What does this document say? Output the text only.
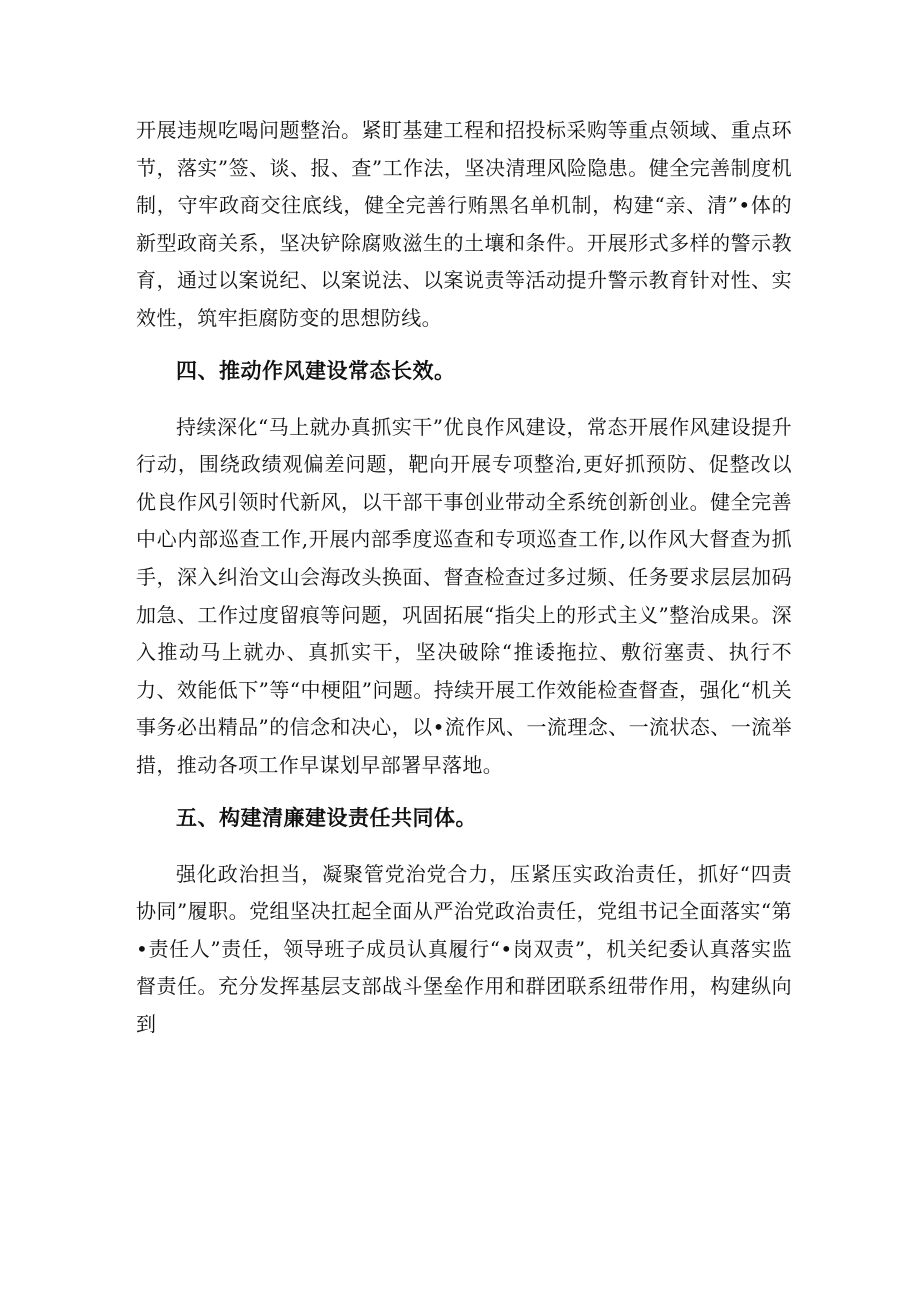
开展违规吃喝问题整治。紧盯基建工程和招投标采购等重点领域、重点环节，落实”签、谈、报、查”工作法，坚决清理风险隐患。健全完善制度机制，守牢政商交往底线，健全完善行贿黑名单机制，构建“亲、清”•体的新型政商关系，坚决铲除腐败滋生的土壤和条件。开展形式多样的警示教育，通过以案说纪、以案说法、以案说责等活动提升警示教育针对性、实效性，筑牢拒腐防变的思想防线。

四、推动作风建设常态长效。

持续深化“马上就办真抓实干”优良作风建设，常态开展作风建设提升行动，围绕政绩观偏差问题，靶向开展专项整治,更好抓预防、促整改以优良作风引领时代新风，以干部干事创业带动全系统创新创业。健全完善中心内部巡查工作,开展内部季度巡查和专项巡查工作,以作风大督查为抓手，深入纠治文山会海改头换面、督查检查过多过频、任务要求层层加码加急、工作过度留痕等问题，巩固拓展“指尖上的形式主义”整治成果。深入推动马上就办、真抓实干，坚决破除“推诿拖拉、敷衍塞责、执行不力、效能低下”等“中梗阻”问题。持续开展工作效能检查督查，强化“机关事务必出精品”的信念和决心，以•流作风、一流理念、一流状态、一流举措，推动各项工作早谋划早部署早落地。

五、构建清廉建设责任共同体。

强化政治担当，凝聚管党治党合力，压紧压实政治责任，抓好“四责协同”履职。党组坚决扛起全面从严治党政治责任，党组书记全面落实“第•责任人”责任，领导班子成员认真履行“•岗双责”，机关纪委认真落实监督责任。充分发挥基层支部战斗堡垒作用和群团联系纽带作用，构建纵向到
